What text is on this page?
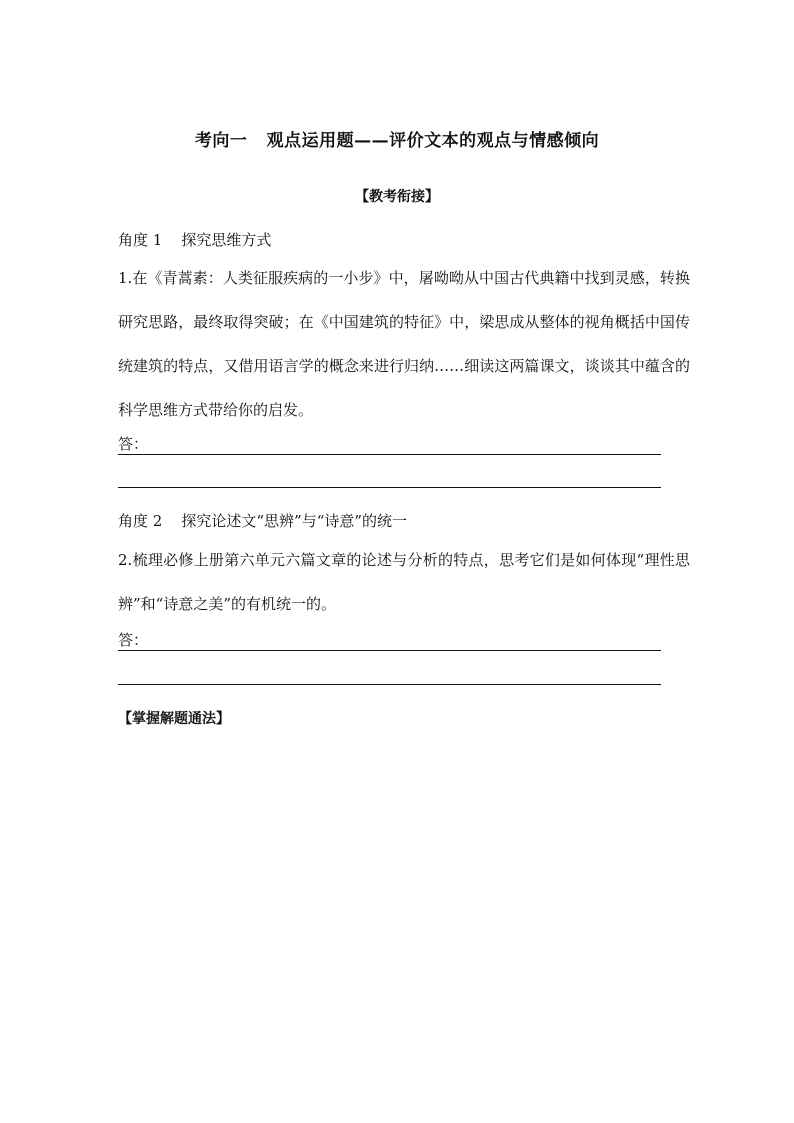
考向一   观点运用题——评价文本的观点与情感倾向
【教考衔接】
角度 1    探究思维方式
1.在《青蒿素：人类征服疾病的一小步》中，屠呦呦从中国古代典籍中找到灵感，转换研究思路，最终取得突破；在《中国建筑的特征》中，梁思成从整体的视角概括中国传统建筑的特点，又借用语言学的概念来进行归纳……细读这两篇课文，谈谈其中蕴含的科学思维方式带给你的启发。
答：
角度 2    探究论述文“思辨”与“诗意”的统一
2.梳理必修上册第六单元六篇文章的论述与分析的特点，思考它们是如何体现“理性思辨”和“诗意之美”的有机统一的。
答：
【掌握解题通法】
